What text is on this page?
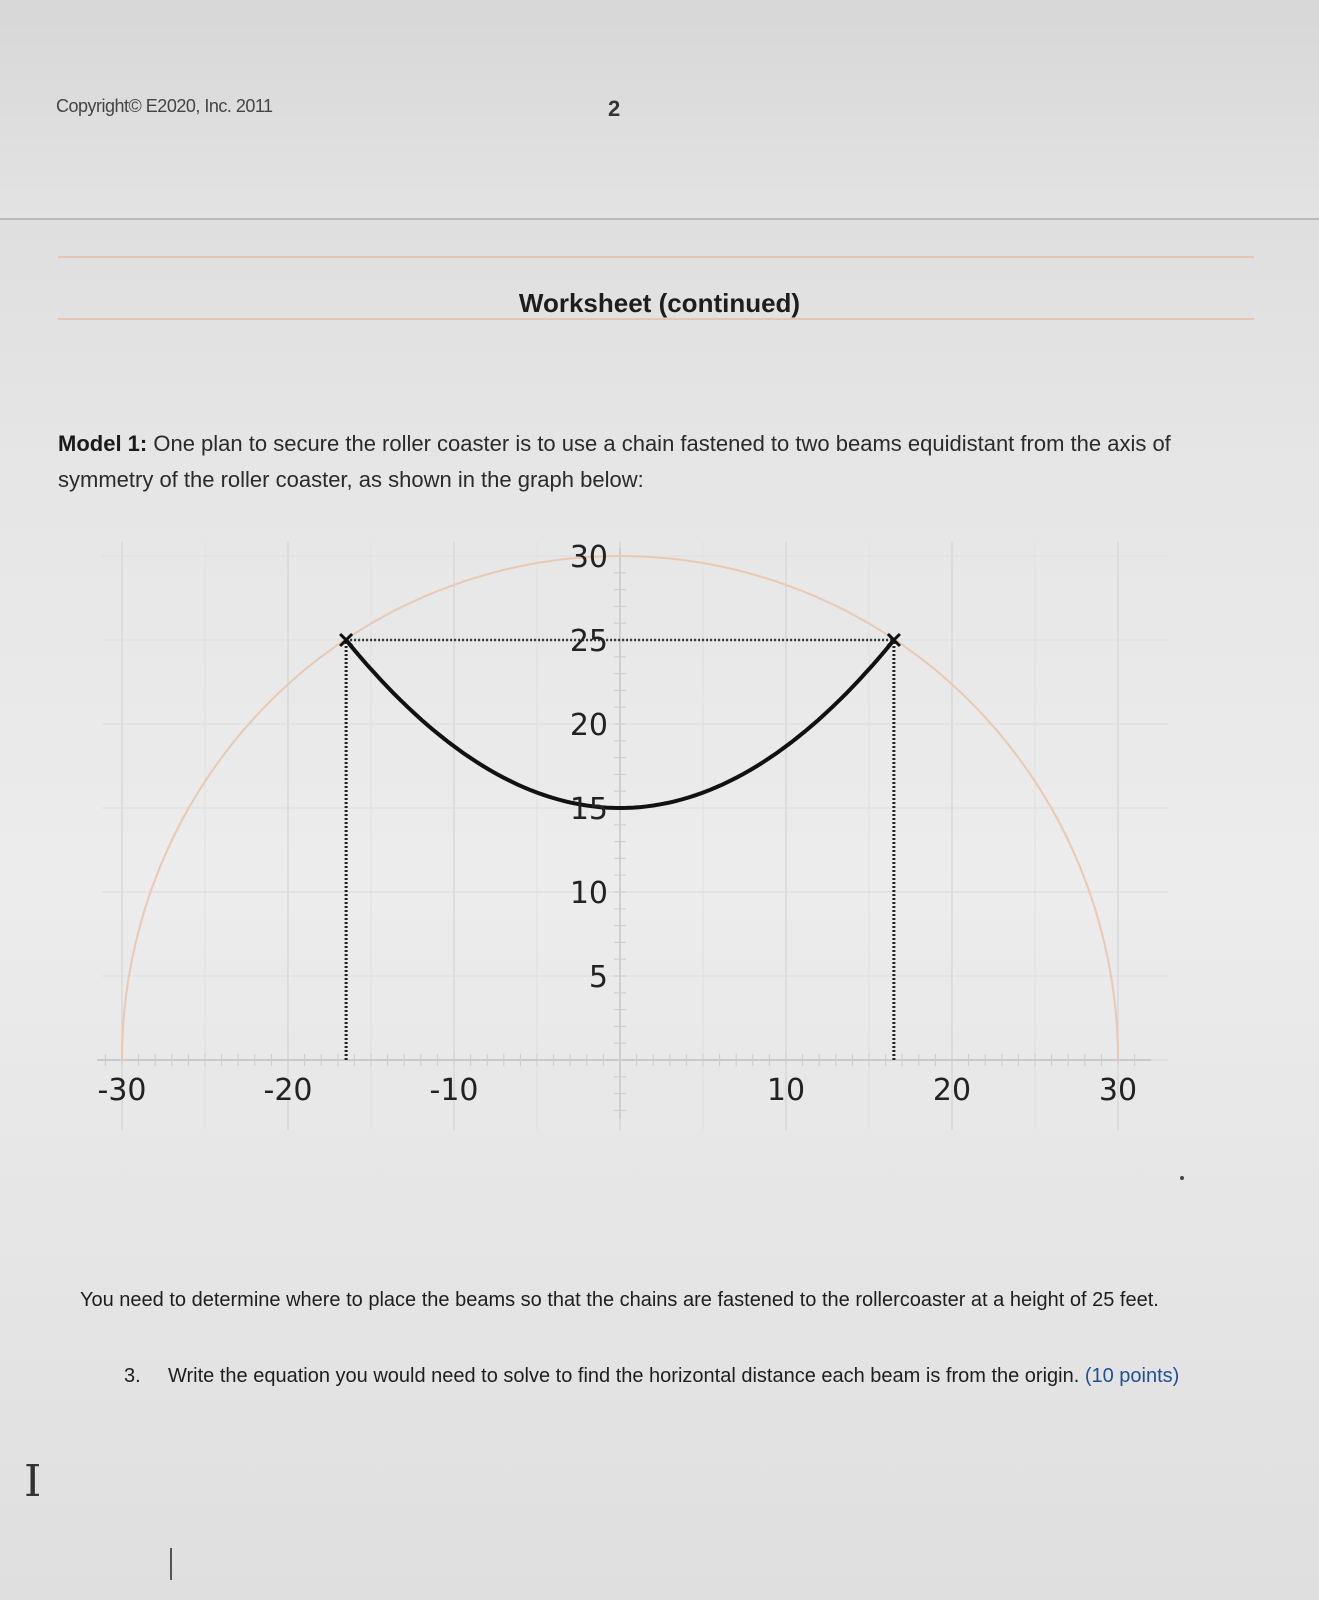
Copyright© E2020, Inc. 2011	2
Worksheet (continued)
Model 1: One plan to secure the roller coaster is to use a chain fastened to two beams equidistant from the axis of symmetry of the roller coaster, as shown in the graph below:
-30	-20	-10	10	20	30
30
25
20
15
10
5
You need to determine where to place the beams so that the chains are fastened to the rollercoaster at a height of 25 feet.
3. Write the equation you would need to solve to find the horizontal distance each beam is from the origin. (10 points)
I
